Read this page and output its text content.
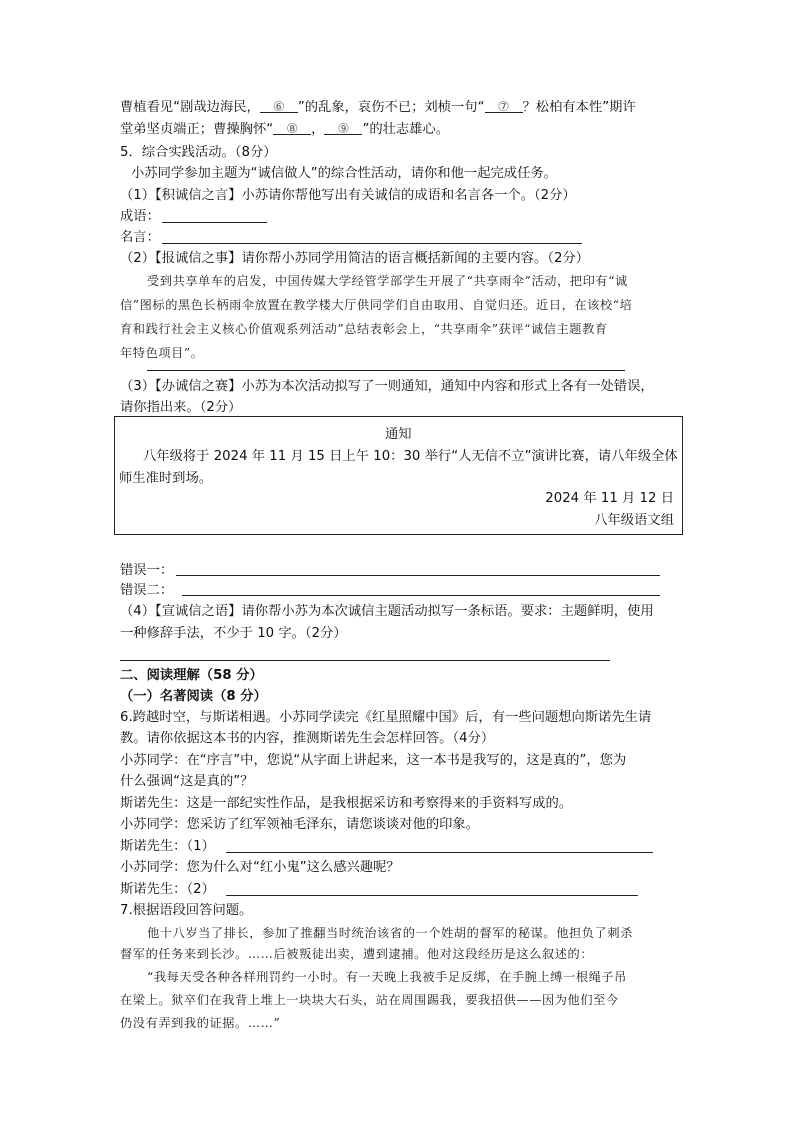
曹植看见“剧哉边海民， ⑥ ”的乱象，哀伤不已；刘桢一句“ ⑦ ？松柏有本性”期许
堂弟坚贞端正；曹操胸怀“ ⑧ ， ⑨ ”的壮志雄心。
5．综合实践活动。（8分）
小苏同学参加主题为“诚信做人”的综合性活动，请你和他一起完成任务。
（1）【积诚信之言】小苏请你帮他写出有关诚信的成语和名言各一个。（2分）
成语：
名言：
（2）【报诚信之事】请你帮小苏同学用简洁的语言概括新闻的主要内容。（2分）
受到共享单车的启发，中国传媒大学经管学部学生开展了“共享雨伞”活动，把印有“诚
信”图标的黑色长柄雨伞放置在教学楼大厅供同学们自由取用、自觉归还。近日，在该校“培
育和践行社会主义核心价值观系列活动”总结表彰会上，“共享雨伞”获评“诚信主题教育
年特色项目”。
（3）【办诚信之赛】小苏为本次活动拟写了一则通知，通知中内容和形式上各有一处错误，
请你指出来。（2分）
通知
八年级将于 2024 年 11 月 15 日上午 10：30 举行“人无信不立”演讲比赛，请八年级全体
师生准时到场。
2024 年 11 月 12 日
八年级语文组
错误一：
错误二：
（4）【宣诚信之语】请你帮小苏为本次诚信主题活动拟写一条标语。要求：主题鲜明，使用
一种修辞手法，不少于 10 字。（2分）
二、阅读理解（58 分）
（一）名著阅读（8 分）
6.跨越时空，与斯诺相遇。小苏同学读完《红星照耀中国》后，有一些问题想向斯诺先生请
教。请你依据这本书的内容，推测斯诺先生会怎样回答。（4分）
小苏同学：在“序言”中，您说“从字面上讲起来，这一本书是我写的，这是真的”，您为
什么强调“这是真的”？
斯诺先生：这是一部纪实性作品，是我根据采访和考察得来的手资料写成的。
小苏同学：您采访了红军领袖毛泽东，请您谈谈对他的印象。
斯诺先生：（1）
小苏同学：您为什么对“红小鬼”这么感兴趣呢？
斯诺先生：（2）
7.根据语段回答问题。
他十八岁当了排长，参加了推翻当时统治该省的一个姓胡的督军的秘谋。他担负了刺杀
督军的任务来到长沙。……后被叛徒出卖，遭到逮捕。他对这段经历是这么叙述的：
“我每天受各种各样刑罚约一小时。有一天晚上我被手足反绑，在手腕上缚一根绳子吊
在梁上。狱卒们在我背上堆上一块块大石头，站在周围踢我，要我招供——因为他们至今
仍没有弄到我的证据。……”
